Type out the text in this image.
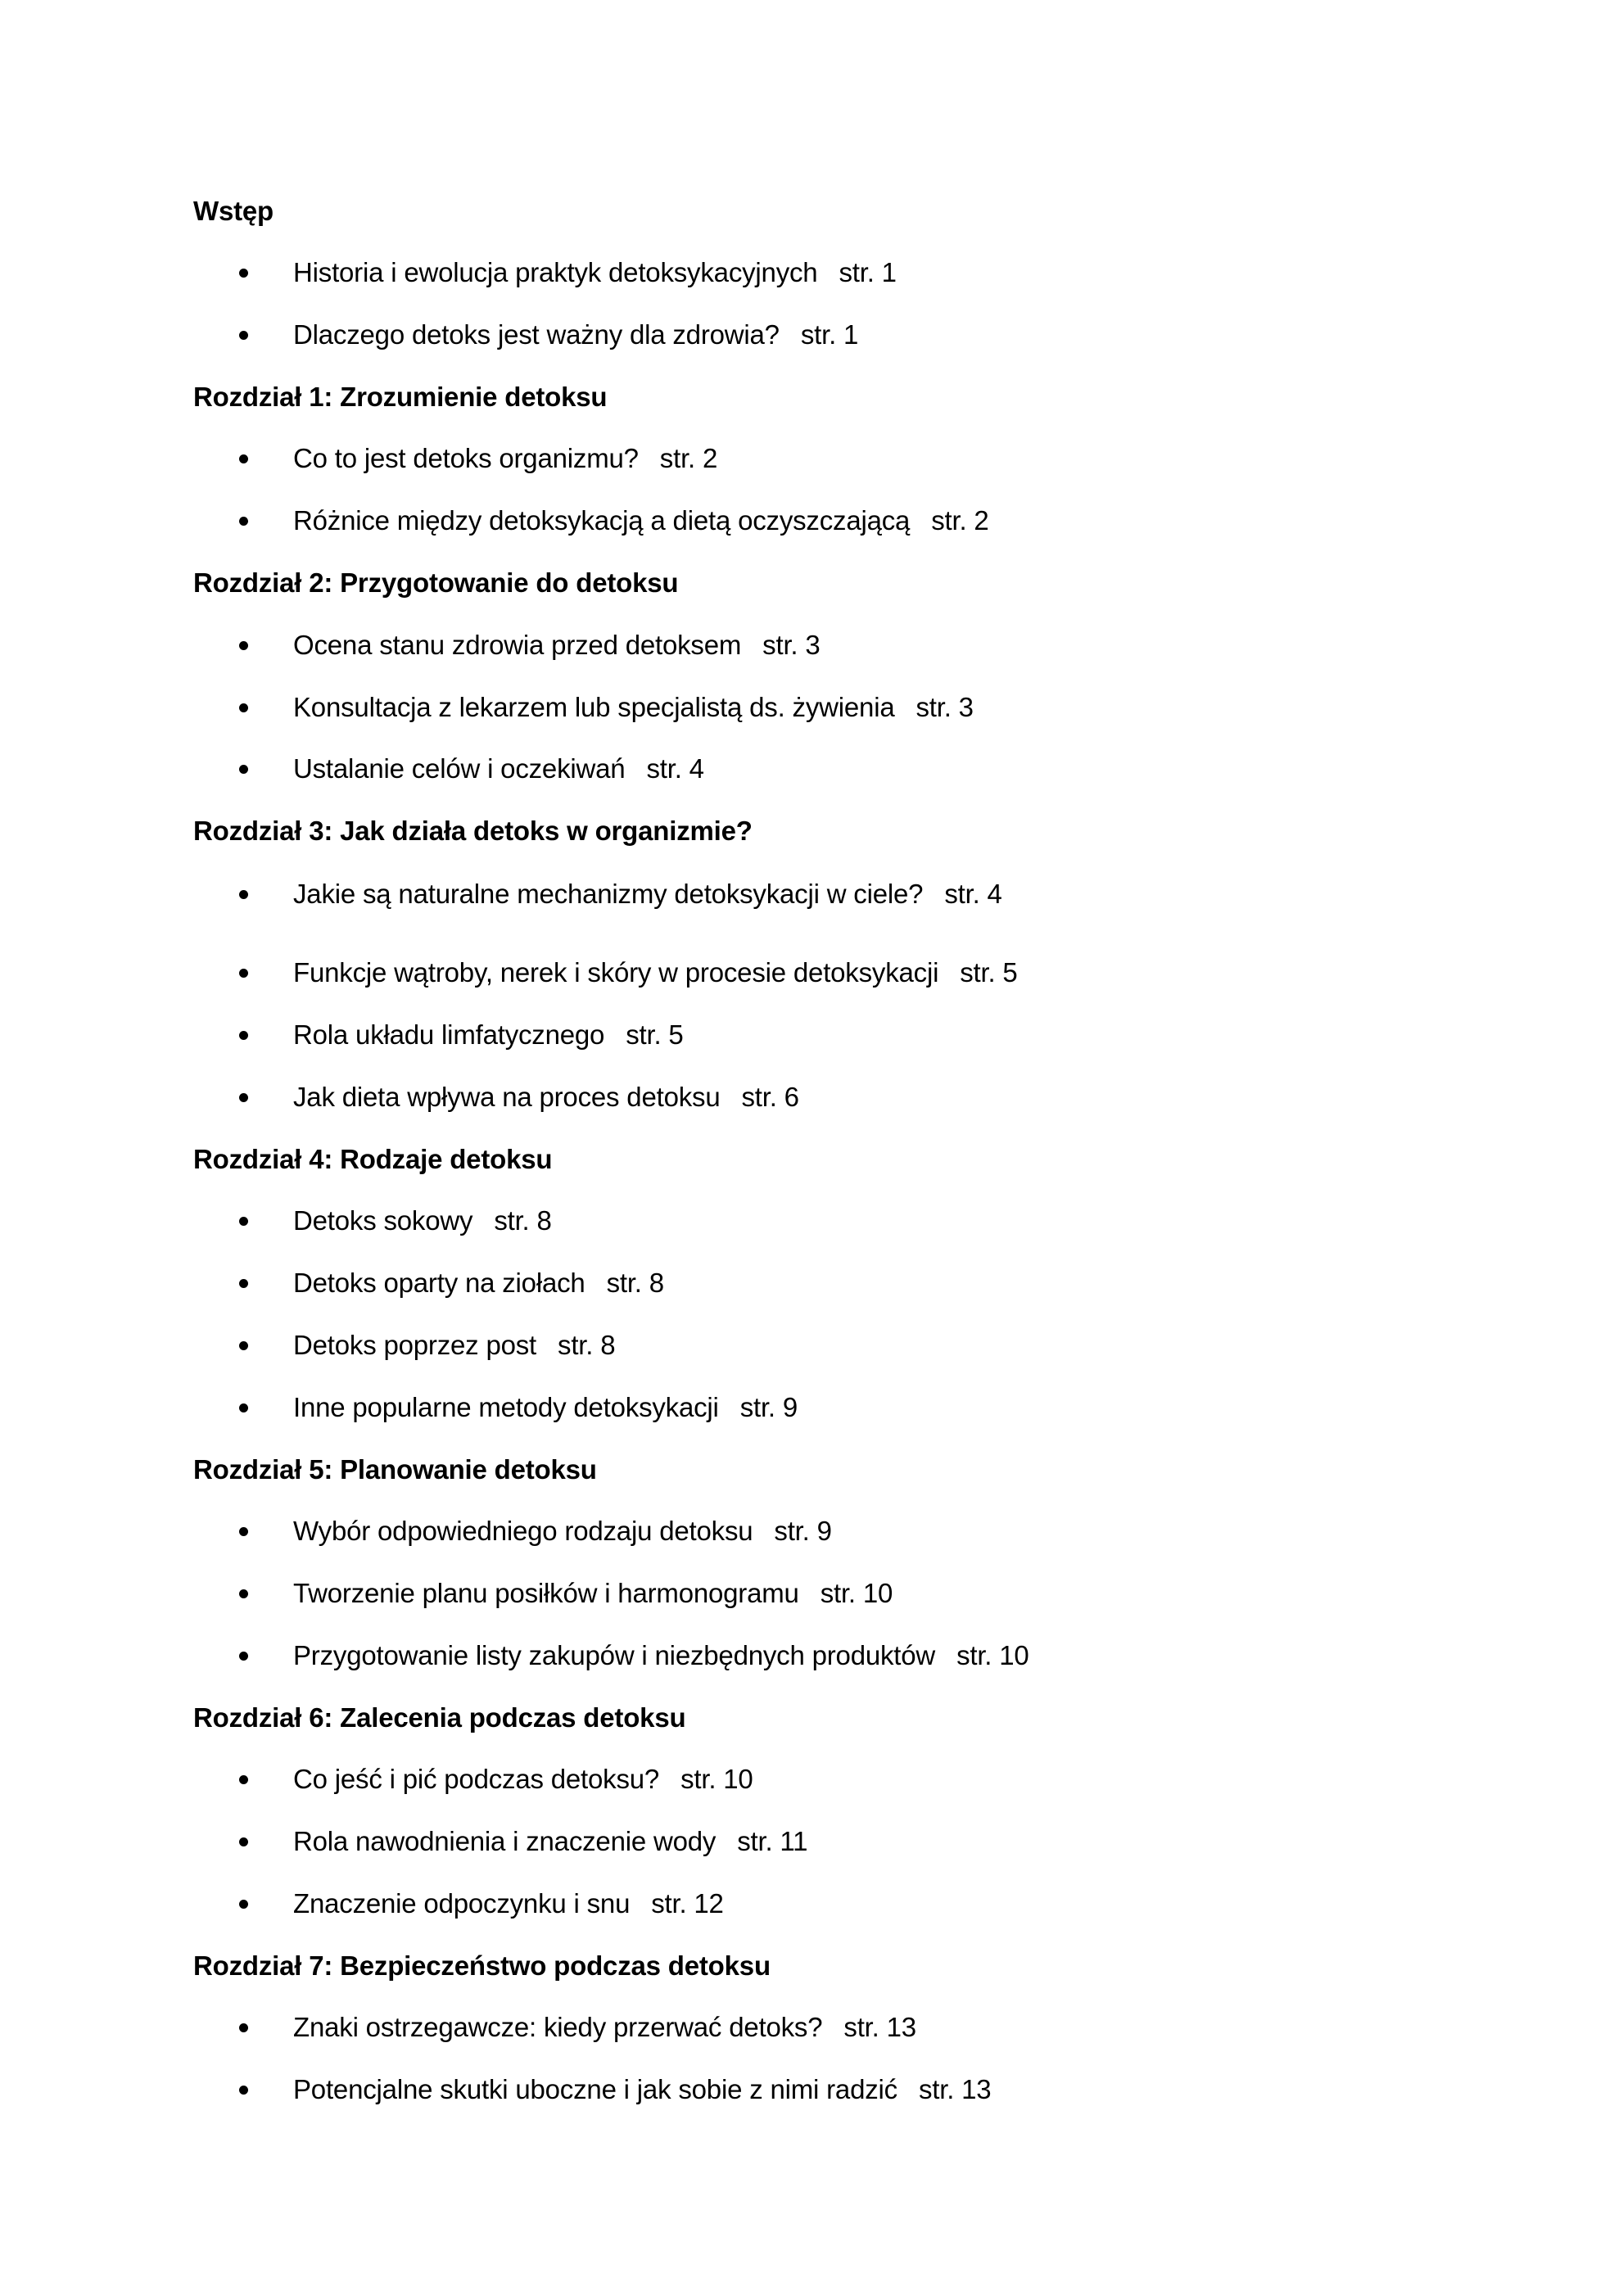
Wstęp
Historia i ewolucja praktyk detoksykacyjnych str. 1
Dlaczego detoks jest ważny dla zdrowia? str. 1
Rozdział 1: Zrozumienie detoksu
Co to jest detoks organizmu? str. 2
Różnice między detoksykacją a dietą oczyszczającą str. 2
Rozdział 2: Przygotowanie do detoksu
Ocena stanu zdrowia przed detoksem str. 3
Konsultacja z lekarzem lub specjalistą ds. żywienia str. 3
Ustalanie celów i oczekiwań str. 4
Rozdział 3: Jak działa detoks w organizmie?
Jakie są naturalne mechanizmy detoksykacji w ciele? str. 4
Funkcje wątroby, nerek i skóry w procesie detoksykacji str. 5
Rola układu limfatycznego str. 5
Jak dieta wpływa na proces detoksu str. 6
Rozdział 4: Rodzaje detoksu
Detoks sokowy str. 8
Detoks oparty na ziołach str. 8
Detoks poprzez post str. 8
Inne popularne metody detoksykacji str. 9
Rozdział 5: Planowanie detoksu
Wybór odpowiedniego rodzaju detoksu str. 9
Tworzenie planu posiłków i harmonogramu str. 10
Przygotowanie listy zakupów i niezbędnych produktów str. 10
Rozdział 6: Zalecenia podczas detoksu
Co jeść i pić podczas detoksu? str. 10
Rola nawodnienia i znaczenie wody str. 11
Znaczenie odpoczynku i snu str. 12
Rozdział 7: Bezpieczeństwo podczas detoksu
Znaki ostrzegawcze: kiedy przerwać detoks? str. 13
Potencjalne skutki uboczne i jak sobie z nimi radzić str. 13
